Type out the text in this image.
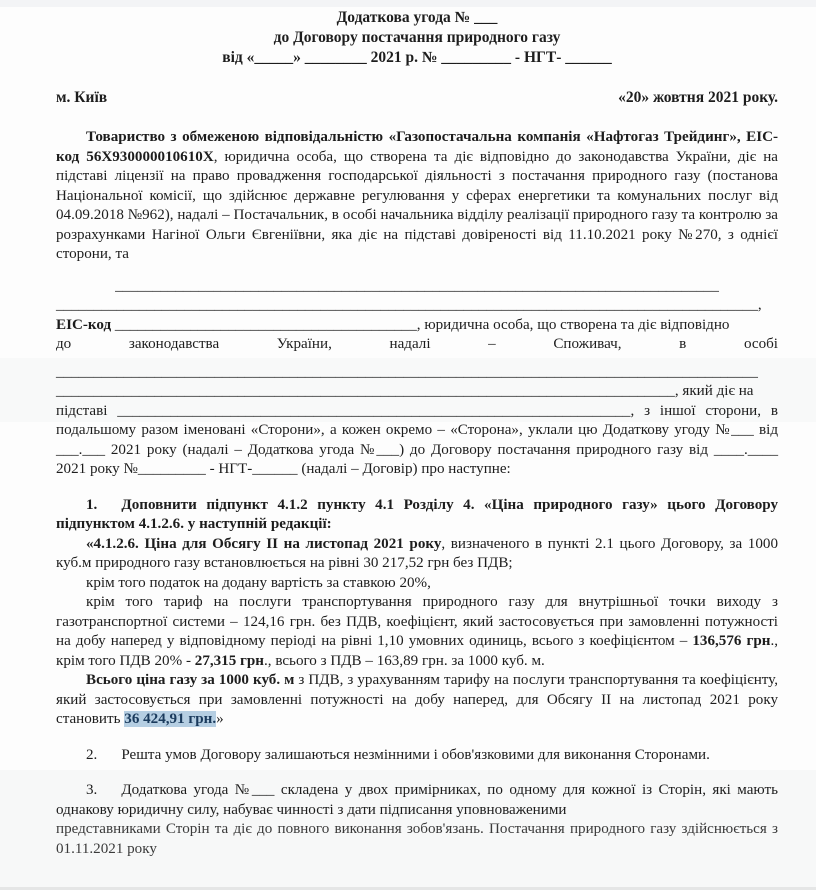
Додаткова угода № ___
до Договору постачання природного газу
від «_____» ________ 2021 р. № _________ - НГТ- ______
м. Київ	«20» жовтня 2021 року.
Товариство з обмеженою відповідальністю «Газопостачальна компанія «Нафтогаз Трейдинг», ЕІС-код 56X930000010610X, юридична особа, що створена та діє відповідно до законодавства України, діє на підставі ліцензії на право провадження господарської діяльності з постачання природного газу (постанова Національної комісії, що здійснює державне регулювання у сферах енергетики та комунальних послуг від 04.09.2018 №962), надалі – Постачальник, в особі начальника відділу реалізації природного газу та контролю за розрахунками Нагіної Ольги Євгеніївни, яка діє на підставі довіреності від 11.10.2021 року №270, з однієї сторони, та
________________________________________________________________________________
_____________________________________________________________________________________________,
ЕІС-код ________________________________________, юридична особа, що створена та діє відповідно
до законодавства України, надалі – Споживач, в особі
_____________________________________________________________________________________________
__________________________________________________________________________________, який діє на
підставі ____________________________________________________________________, з іншої сторони, в
подальшому разом іменовані «Сторони», а кожен окремо – «Сторона», уклали цю Додаткову угоду №___ від ___.___ 2021 року (надалі – Додаткова угода №___) до Договору постачання природного газу від ____.____ 2021 року №_________ - НГТ-______ (надалі – Договір) про наступне:
1. Доповнити підпункт 4.1.2 пункту 4.1 Розділу 4. «Ціна природного газу» цього Договору підпунктом 4.1.2.6. у наступній редакції:
«4.1.2.6. Ціна для Обсягу II на листопад 2021 року, визначеного в пункті 2.1 цього Договору, за 1000 куб.м природного газу встановлюється на рівні 30 217,52 грн без ПДВ;
крім того податок на додану вартість за ставкою 20%,
крім того тариф на послуги транспортування природного газу для внутрішньої точки виходу з газотранспортної системи – 124,16 грн. без ПДВ, коефіцієнт, який застосовується при замовленні потужності на добу наперед у відповідному періоді на рівні 1,10 умовних одиниць, всього з коефіцієнтом – 136,576 грн., крім того ПДВ 20% - 27,315 грн., всього з ПДВ – 163,89 грн. за 1000 куб. м.
Всього ціна газу за 1000 куб. м з ПДВ, з урахуванням тарифу на послуги транспортування та коефіцієнту, який застосовується при замовленні потужності на добу наперед, для Обсягу II на листопад 2021 року становить 36 424,91 грн.»
2. Решта умов Договору залишаються незмінними і обов'язковими для виконання Сторонами.
3. Додаткова угода №___ складена у двох примірниках, по одному для кожної із Сторін, які мають однакову юридичну силу, набуває чинності з дати підписання уповноваженими
представниками Сторін та діє до повного виконання зобов'язань. Постачання природного газу здійснюється з 01.11.2021 року
